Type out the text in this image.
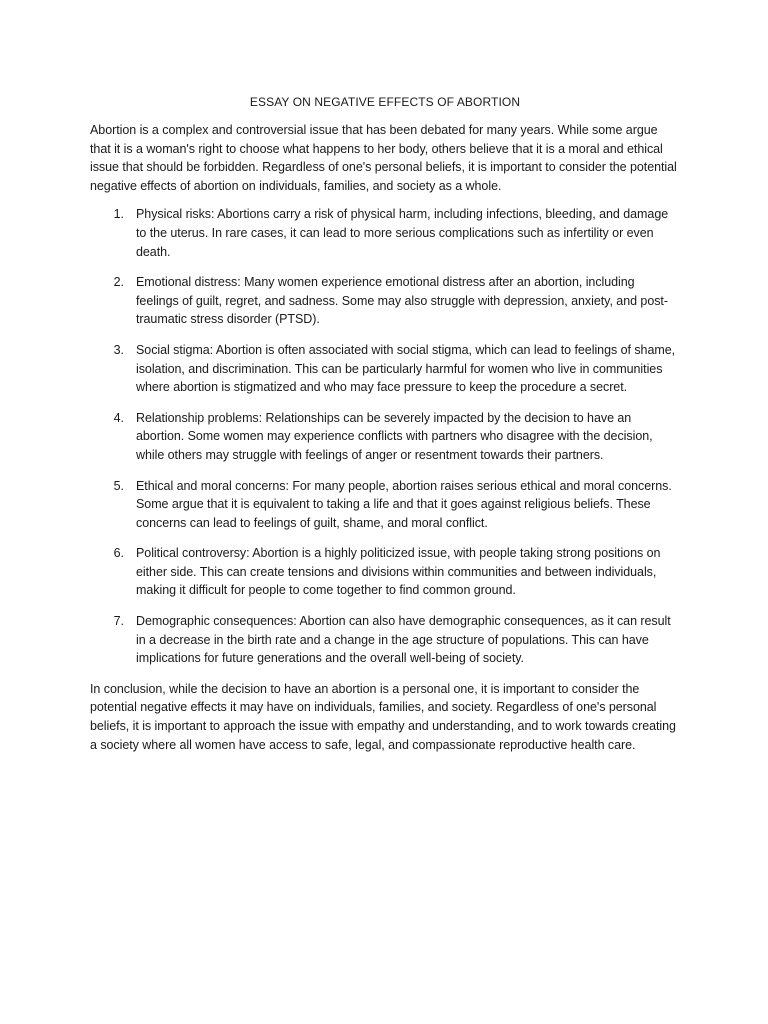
ESSAY ON NEGATIVE EFFECTS OF ABORTION

Abortion is a complex and controversial issue that has been debated for many years. While some argue that it is a woman's right to choose what happens to her body, others believe that it is a moral and ethical issue that should be forbidden. Regardless of one's personal beliefs, it is important to consider the potential negative effects of abortion on individuals, families, and society as a whole.

1. Physical risks: Abortions carry a risk of physical harm, including infections, bleeding, and damage to the uterus. In rare cases, it can lead to more serious complications such as infertility or even death.
2. Emotional distress: Many women experience emotional distress after an abortion, including feelings of guilt, regret, and sadness. Some may also struggle with depression, anxiety, and post-traumatic stress disorder (PTSD).
3. Social stigma: Abortion is often associated with social stigma, which can lead to feelings of shame, isolation, and discrimination. This can be particularly harmful for women who live in communities where abortion is stigmatized and who may face pressure to keep the procedure a secret.
4. Relationship problems: Relationships can be severely impacted by the decision to have an abortion. Some women may experience conflicts with partners who disagree with the decision, while others may struggle with feelings of anger or resentment towards their partners.
5. Ethical and moral concerns: For many people, abortion raises serious ethical and moral concerns. Some argue that it is equivalent to taking a life and that it goes against religious beliefs. These concerns can lead to feelings of guilt, shame, and moral conflict.
6. Political controversy: Abortion is a highly politicized issue, with people taking strong positions on either side. This can create tensions and divisions within communities and between individuals, making it difficult for people to come together to find common ground.
7. Demographic consequences: Abortion can also have demographic consequences, as it can result in a decrease in the birth rate and a change in the age structure of populations. This can have implications for future generations and the overall well-being of society.

In conclusion, while the decision to have an abortion is a personal one, it is important to consider the potential negative effects it may have on individuals, families, and society. Regardless of one's personal beliefs, it is important to approach the issue with empathy and understanding, and to work towards creating a society where all women have access to safe, legal, and compassionate reproductive health care.
